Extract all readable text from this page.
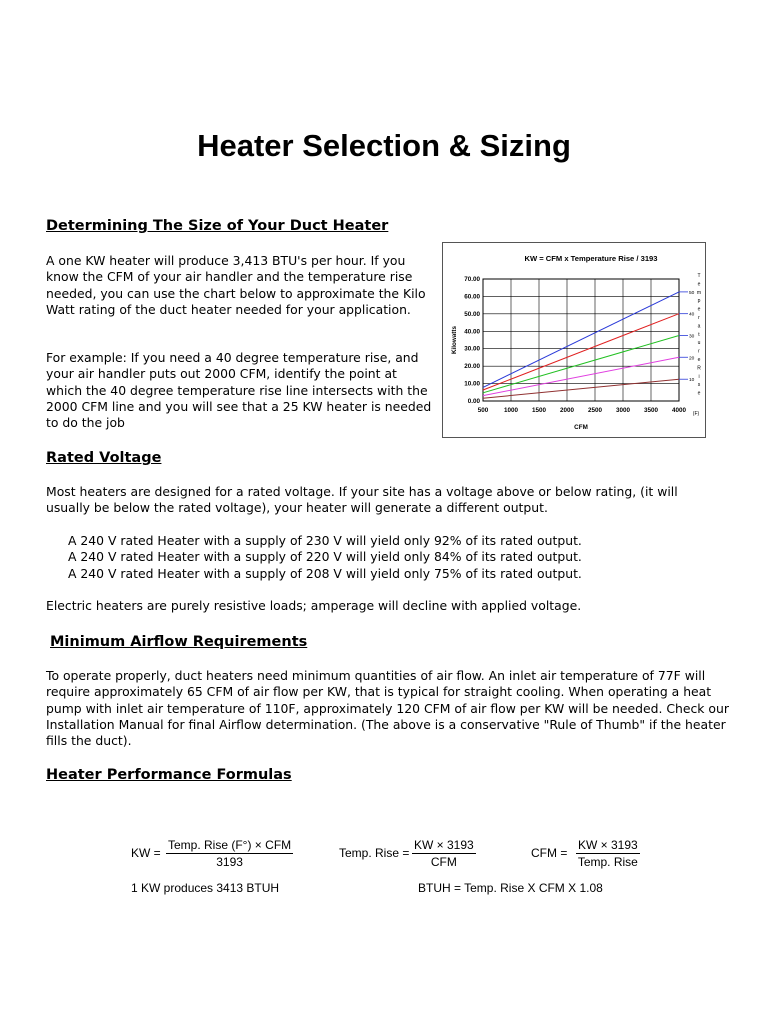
Heater Selection & Sizing
Determining The Size of Your Duct Heater

A one KW heater will produce 3,413 BTU's per hour. If you know the CFM of your air handler and the temperature rise needed, you can use the chart below to approximate the Kilo Watt rating of the duct heater needed for your application.

For example: If you need a 40 degree temperature rise, and your air handler puts out 2000 CFM, identify the point at which the 40 degree temperature rise line intersects with the 2000 CFM line and you will see that a 25 KW heater is needed to do the job

500 1000 1500 2000 2500 3000 3500 4000
0.00
10.00
20.00
30.00
40.00
50.00
60.00
70.00
50
40
30
20
10
KW = CFM x Temperature Rise / 3193
CFM
(F)
Kilowatts
T
e
m
p
e
r
a
t
u
r
e
R
i
s
e
Rated Voltage

Most heaters are designed for a rated voltage. If your site has a voltage above or below rating, (it will usually be below the rated voltage), your heater will generate a different output.

A 240 V rated Heater with a supply of 230 V will yield only 92% of its rated output.
A 240 V rated Heater with a supply of 220 V will yield only 84% of its rated output.
A 240 V rated Heater with a supply of 208 V will yield only 75% of its rated output.

Electric heaters are purely resistive loads; amperage will decline with applied voltage.

Minimum Airflow Requirements

To operate properly, duct heaters need minimum quantities of air flow. An inlet air temperature of 77F will require approximately 65 CFM of air flow per KW, that is typical for straight cooling. When operating a heat pump with inlet air temperature of 110F, approximately 120 CFM of air flow per KW will be needed. Check our Installation Manual for final Airflow determination. (The above is a conservative "Rule of Thumb" if the heater fills the duct).

Heater Performance Formulas
KW =
Temp. Rise (F°) × CFM
3193
Temp. Rise =
KW × 3193
CFM
CFM =
KW × 3193
Temp. Rise
1 KW produces 3413 BTUH	BTUH = Temp. Rise X CFM X 1.08
